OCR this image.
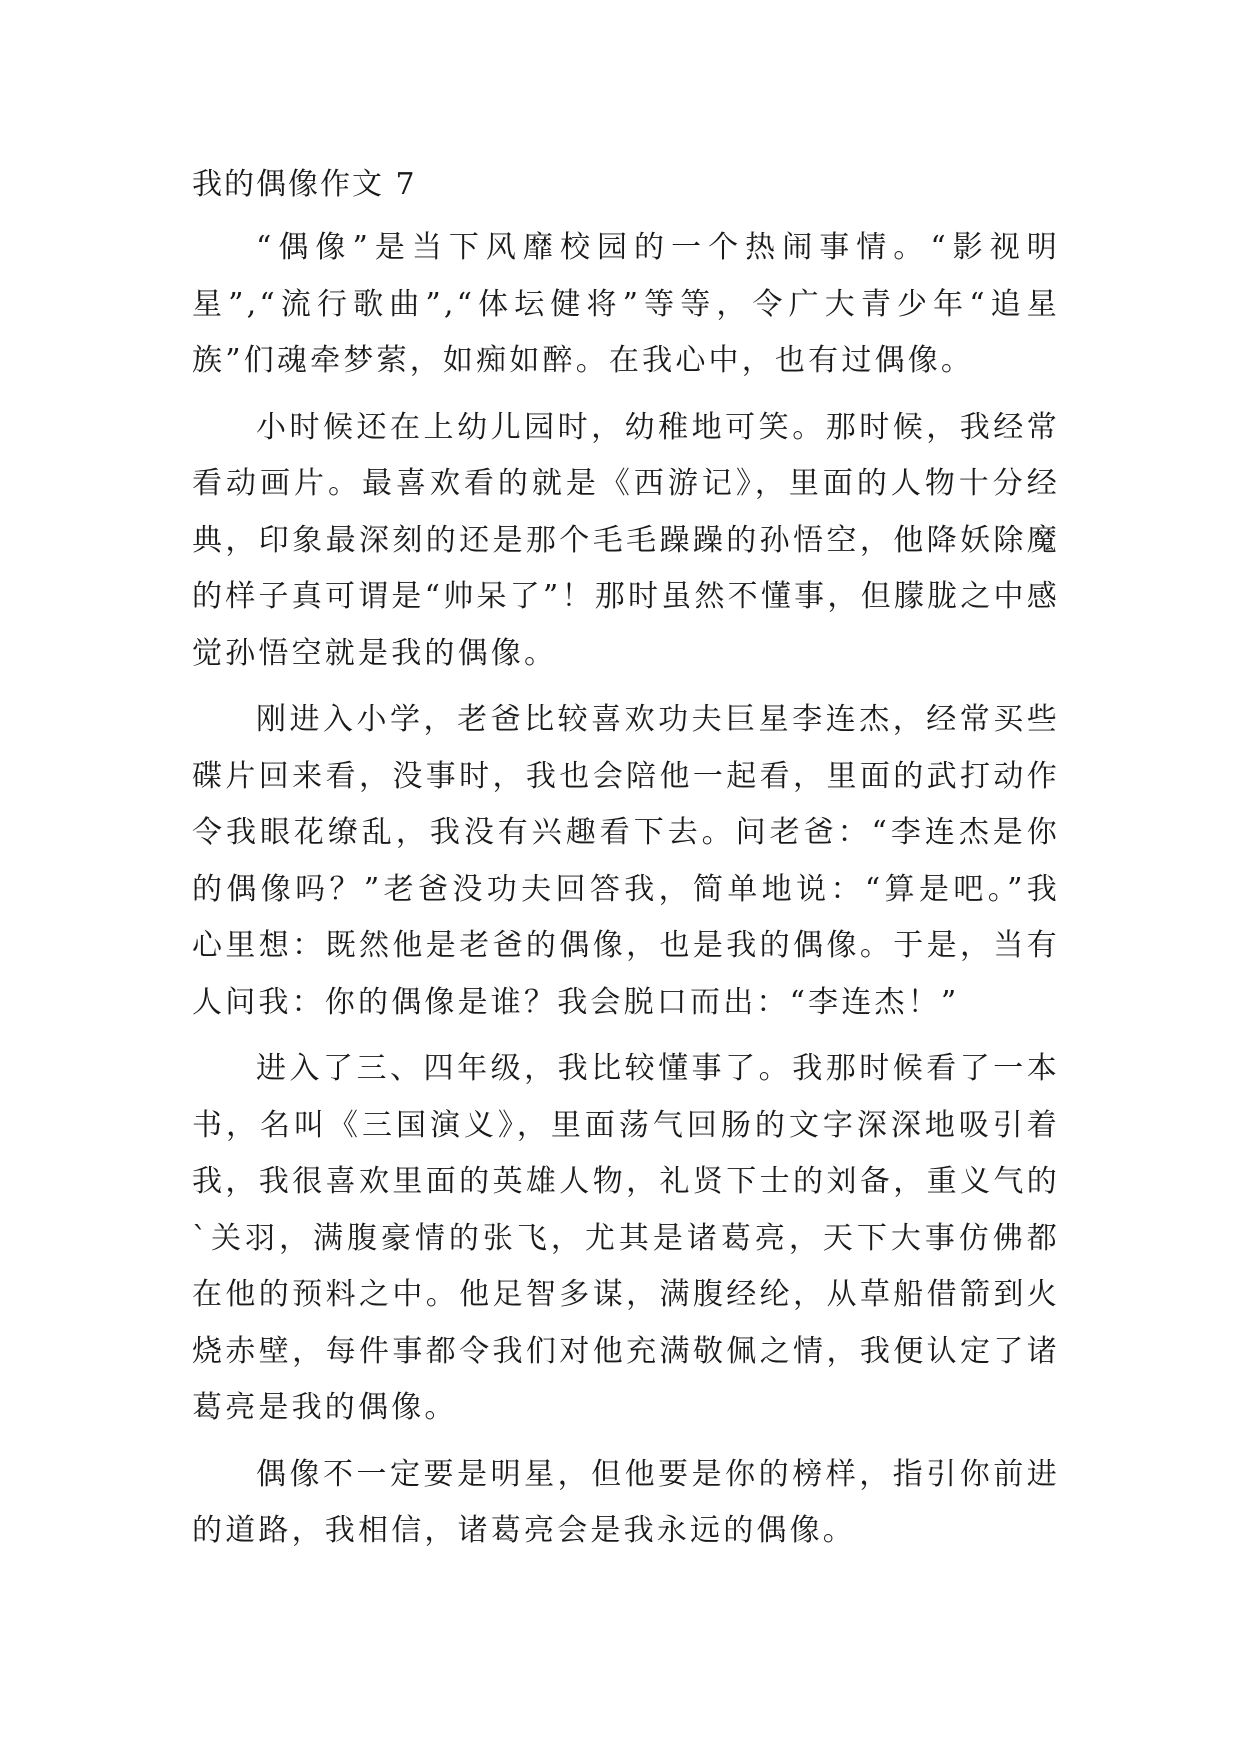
我的偶像作文 7

“偶像”是当下风靡校园的一个热闹事情。“影视明星”,“流行歌曲”,“体坛健将”等等，令广大青少年“追星族”们魂牵梦萦，如痴如醉。在我心中，也有过偶像。

小时候还在上幼儿园时，幼稚地可笑。那时候，我经常看动画片。最喜欢看的就是《西游记》，里面的人物十分经典，印象最深刻的还是那个毛毛躁躁的孙悟空，他降妖除魔的样子真可谓是“帅呆了”！那时虽然不懂事，但朦胧之中感觉孙悟空就是我的偶像。

刚进入小学，老爸比较喜欢功夫巨星李连杰，经常买些碟片回来看，没事时，我也会陪他一起看，里面的武打动作令我眼花缭乱，我没有兴趣看下去。问老爸：“李连杰是你的偶像吗？”老爸没功夫回答我，简单地说：“算是吧。”我心里想：既然他是老爸的偶像，也是我的偶像。于是，当有人问我：你的偶像是谁？我会脱口而出：“李连杰！”

进入了三、四年级，我比较懂事了。我那时候看了一本书，名叫《三国演义》，里面荡气回肠的文字深深地吸引着我，我很喜欢里面的英雄人物，礼贤下士的刘备，重义气的`关羽，满腹豪情的张飞，尤其是诸葛亮，天下大事仿佛都在他的预料之中。他足智多谋，满腹经纶，从草船借箭到火烧赤壁，每件事都令我们对他充满敬佩之情，我便认定了诸葛亮是我的偶像。

偶像不一定要是明星，但他要是你的榜样，指引你前进的道路，我相信，诸葛亮会是我永远的偶像。
